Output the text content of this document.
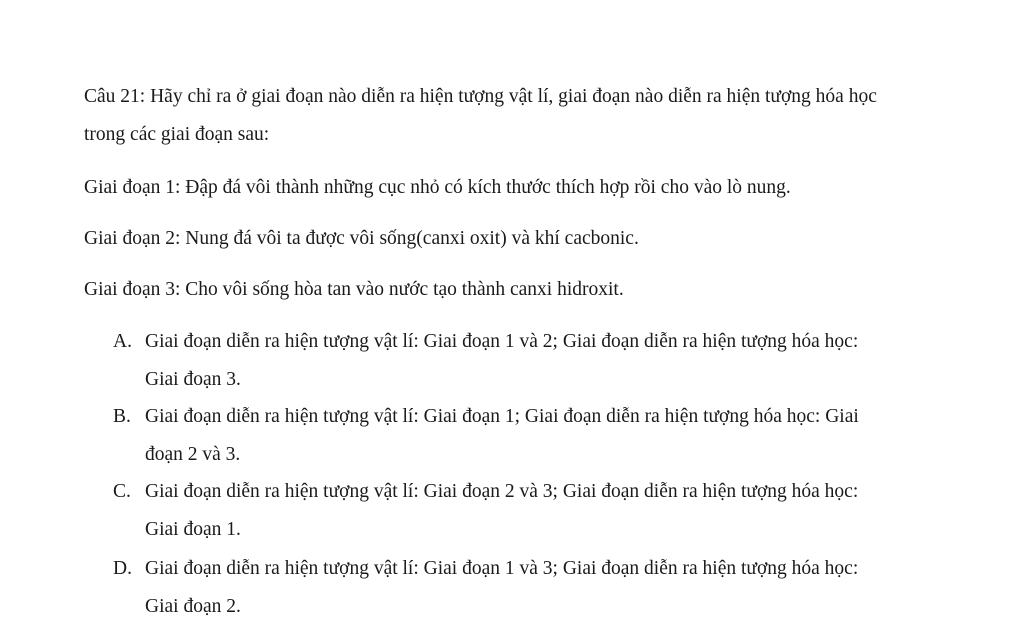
Câu 21: Hãy chỉ ra ở giai đoạn nào diễn ra hiện tượng vật lí, giai đoạn nào diễn ra hiện tượng hóa học
trong các giai đoạn sau:
Giai đoạn 1: Đập đá vôi thành những cục nhỏ có kích thước thích hợp rồi cho vào lò nung.
Giai đoạn 2: Nung đá vôi ta được vôi sống(canxi oxit) và khí cacbonic.
Giai đoạn 3: Cho vôi sống hòa tan vào nước tạo thành canxi hidroxit.
A. Giai đoạn diễn ra hiện tượng vật lí: Giai đoạn 1 và 2; Giai đoạn diễn ra hiện tượng hóa học:
Giai đoạn 3.
B. Giai đoạn diễn ra hiện tượng vật lí: Giai đoạn 1; Giai đoạn diễn ra hiện tượng hóa học: Giai
đoạn 2 và 3.
C. Giai đoạn diễn ra hiện tượng vật lí: Giai đoạn 2 và 3; Giai đoạn diễn ra hiện tượng hóa học:
Giai đoạn 1.
D. Giai đoạn diễn ra hiện tượng vật lí: Giai đoạn 1 và 3; Giai đoạn diễn ra hiện tượng hóa học:
Giai đoạn 2.
